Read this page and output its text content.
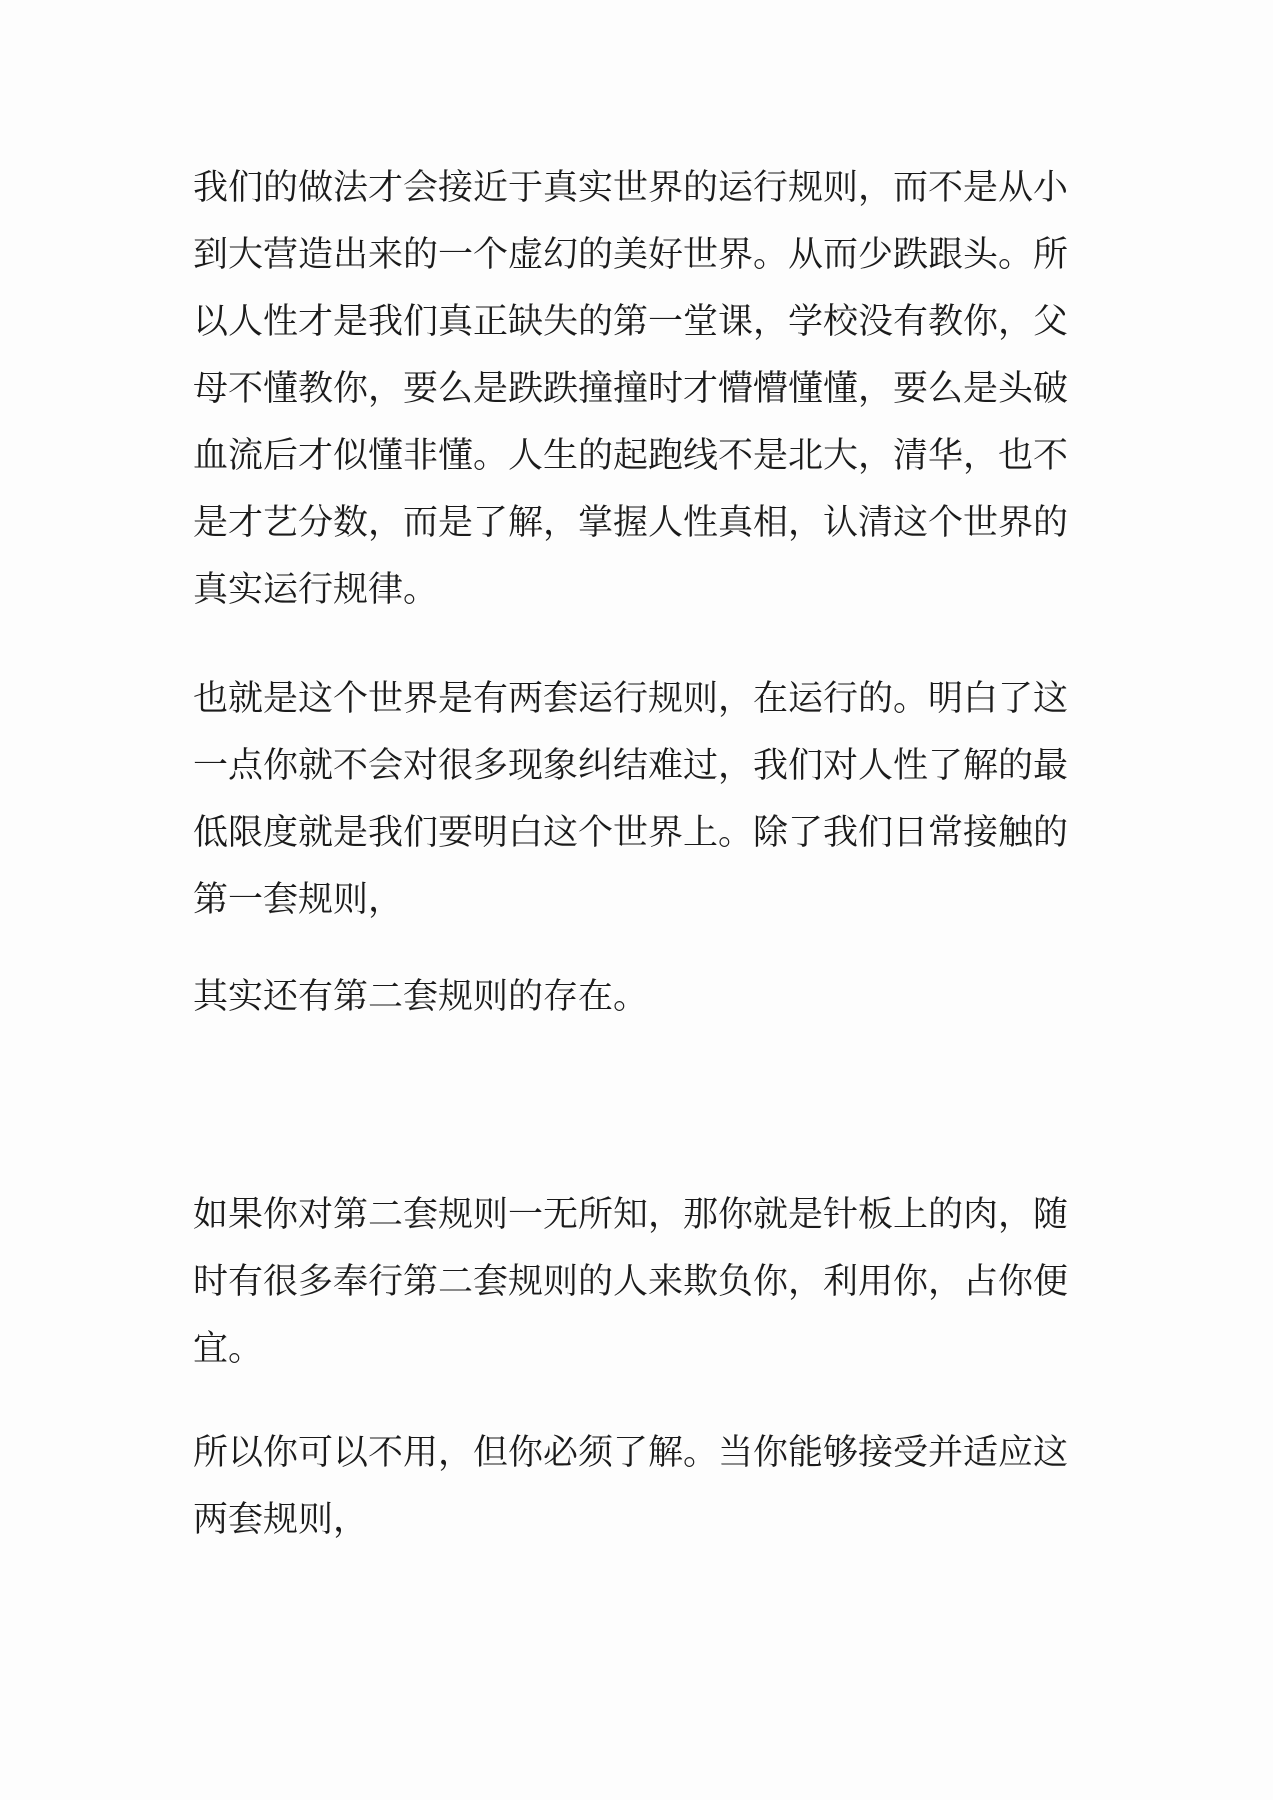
我们的做法才会接近于真实世界的运行规则，而不是从小
到大营造出来的一个虚幻的美好世界。从而少跌跟头。所
以人性才是我们真正缺失的第一堂课，学校没有教你，父
母不懂教你，要么是跌跌撞撞时才懵懵懂懂，要么是头破
血流后才似懂非懂。人生的起跑线不是北大，清华，也不
是才艺分数，而是了解，掌握人性真相，认清这个世界的
真实运行规律。
也就是这个世界是有两套运行规则，在运行的。明白了这
一点你就不会对很多现象纠结难过，我们对人性了解的最
低限度就是我们要明白这个世界上。除了我们日常接触的
第一套规则，
其实还有第二套规则的存在。
如果你对第二套规则一无所知，那你就是针板上的肉，随
时有很多奉行第二套规则的人来欺负你，利用你，占你便
宜。
所以你可以不用，但你必须了解。当你能够接受并适应这
两套规则，
